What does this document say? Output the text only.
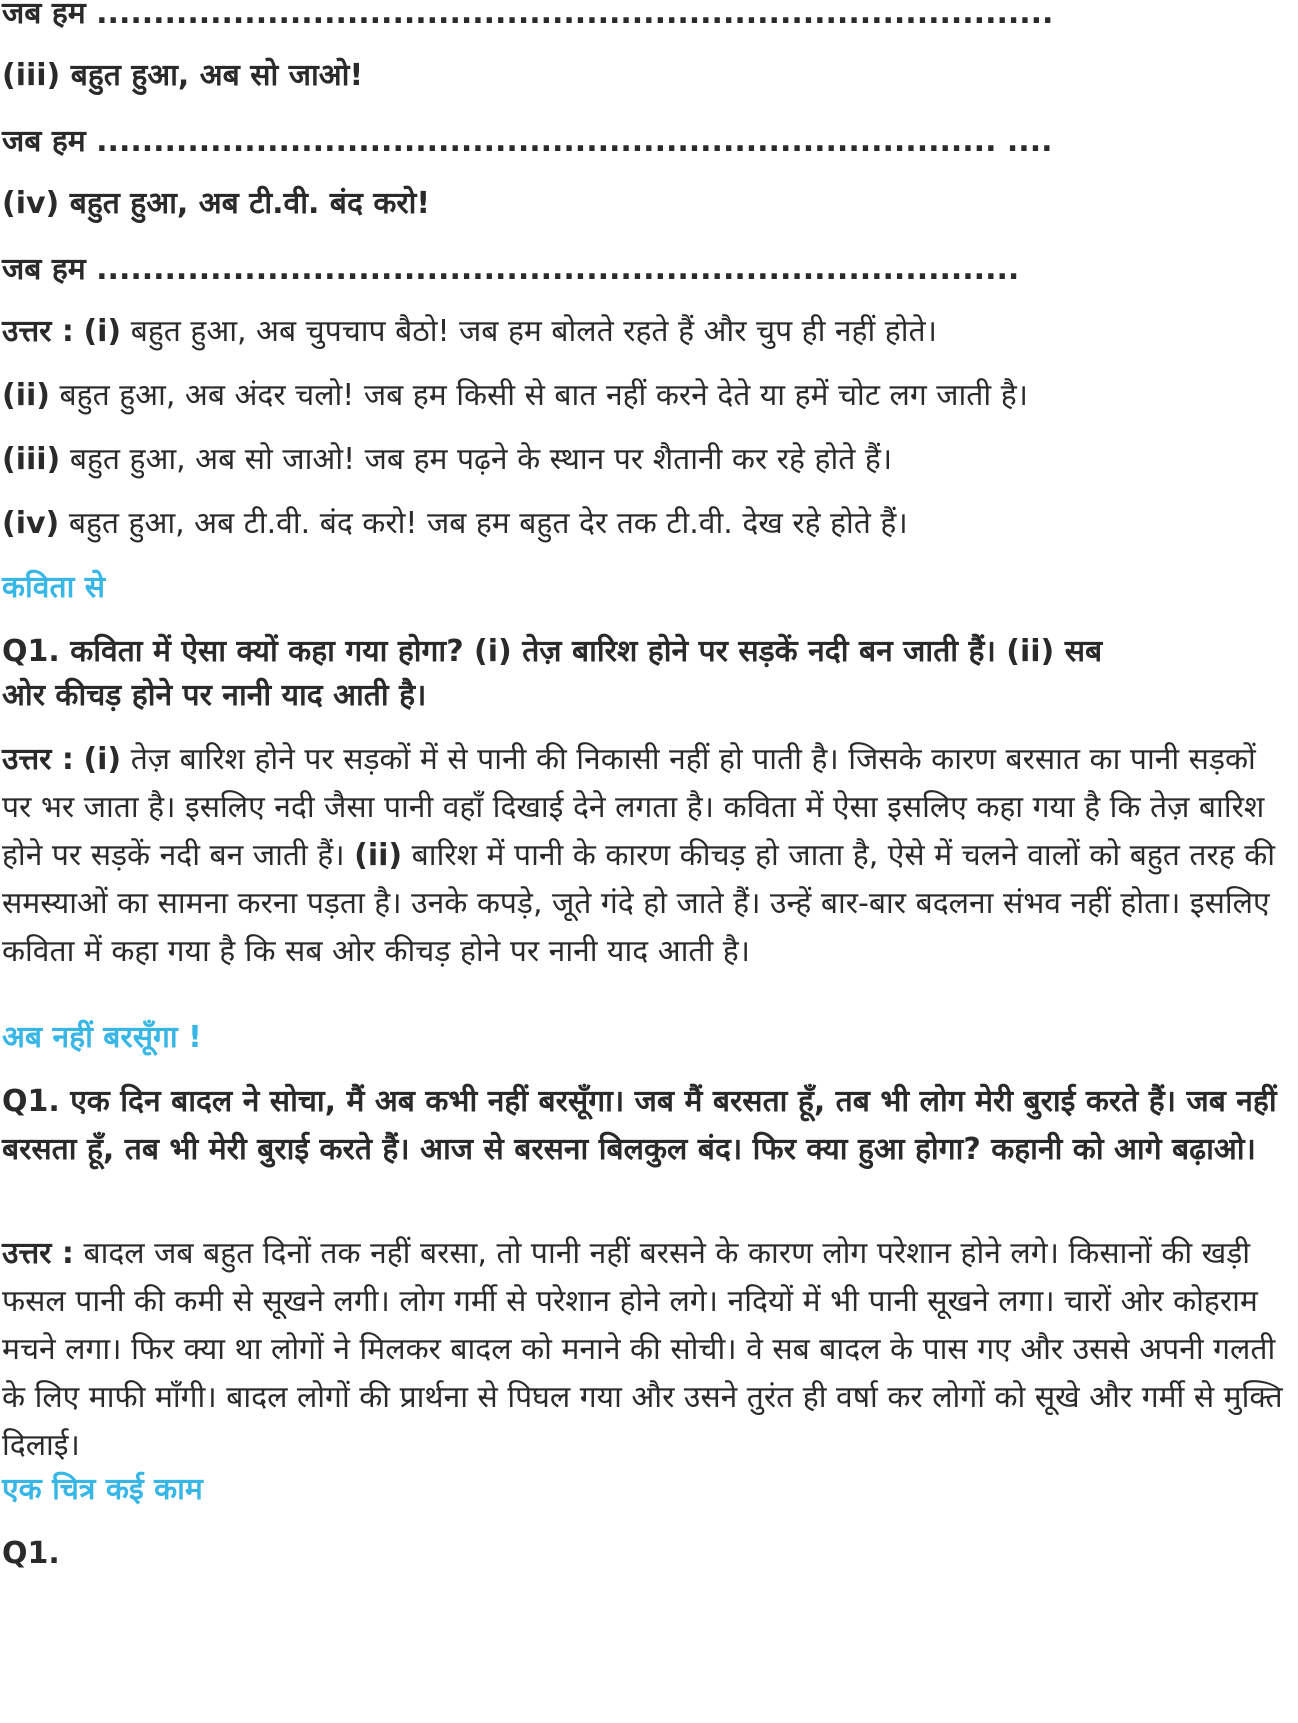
जब हम ....................................................................................
(iii) बहुत हुआ, अब सो जाओ!
जब हम ............................................................................... ....
(iv) बहुत हुआ, अब टी.वी. बंद करो!
जब हम .................................................................................
उत्तर : (i) बहुत हुआ, अब चुपचाप बैठो! जब हम बोलते रहते हैं और चुप ही नहीं होते।
(ii) बहुत हुआ, अब अंदर चलो! जब हम किसी से बात नहीं करने देते या हमें चोट लग जाती है।
(iii) बहुत हुआ, अब सो जाओ! जब हम पढ़ने के स्थान पर शैतानी कर रहे होते हैं।
(iv) बहुत हुआ, अब टी.वी. बंद करो! जब हम बहुत देर तक टी.वी. देख रहे होते हैं।
कविता से
Q1. कविता में ऐसा क्यों कहा गया होगा? (i) तेज़ बारिश होने पर सड़कें नदी बन जाती हैं। (ii) सब
ओर कीचड़ होने पर नानी याद आती है।
उत्तर : (i) तेज़ बारिश होने पर सड़कों में से पानी की निकासी नहीं हो पाती है। जिसके कारण बरसात का पानी सड़कों पर भर जाता है। इसलिए नदी जैसा पानी वहाँ दिखाई देने लगता है। कविता में ऐसा इसलिए कहा गया है कि तेज़ बारिश होने पर सड़कें नदी बन जाती हैं। (ii) बारिश में पानी के कारण कीचड़ हो जाता है, ऐसे में चलने वालों को बहुत तरह की समस्याओं का सामना करना पड़ता है। उनके कपड़े, जूते गंदे हो जाते हैं। उन्हें बार-बार बदलना संभव नहीं होता। इसलिए कविता में कहा गया है कि सब ओर कीचड़ होने पर नानी याद आती है।
अब नहीं बरसूँगा !
Q1. एक दिन बादल ने सोचा, मैं अब कभी नहीं बरसूँगा। जब मैं बरसता हूँ, तब भी लोग मेरी बुराई करते हैं। जब नहीं बरसता हूँ, तब भी मेरी बुराई करते हैं। आज से बरसना बिलकुल बंद। फिर क्या हुआ होगा? कहानी को आगे बढ़ाओ।
उत्तर : बादल जब बहुत दिनों तक नहीं बरसा, तो पानी नहीं बरसने के कारण लोग परेशान होने लगे। किसानों की खड़ी फसल पानी की कमी से सूखने लगी। लोग गर्मी से परेशान होने लगे। नदियों में भी पानी सूखने लगा। चारों ओर कोहराम मचने लगा। फिर क्या था लोगों ने मिलकर बादल को मनाने की सोची। वे सब बादल के पास गए और उससे अपनी गलती के लिए माफी माँगी। बादल लोगों की प्रार्थना से पिघल गया और उसने तुरंत ही वर्षा कर लोगों को सूखे और गर्मी से मुक्ति दिलाई।
एक चित्र कई काम
Q1.
